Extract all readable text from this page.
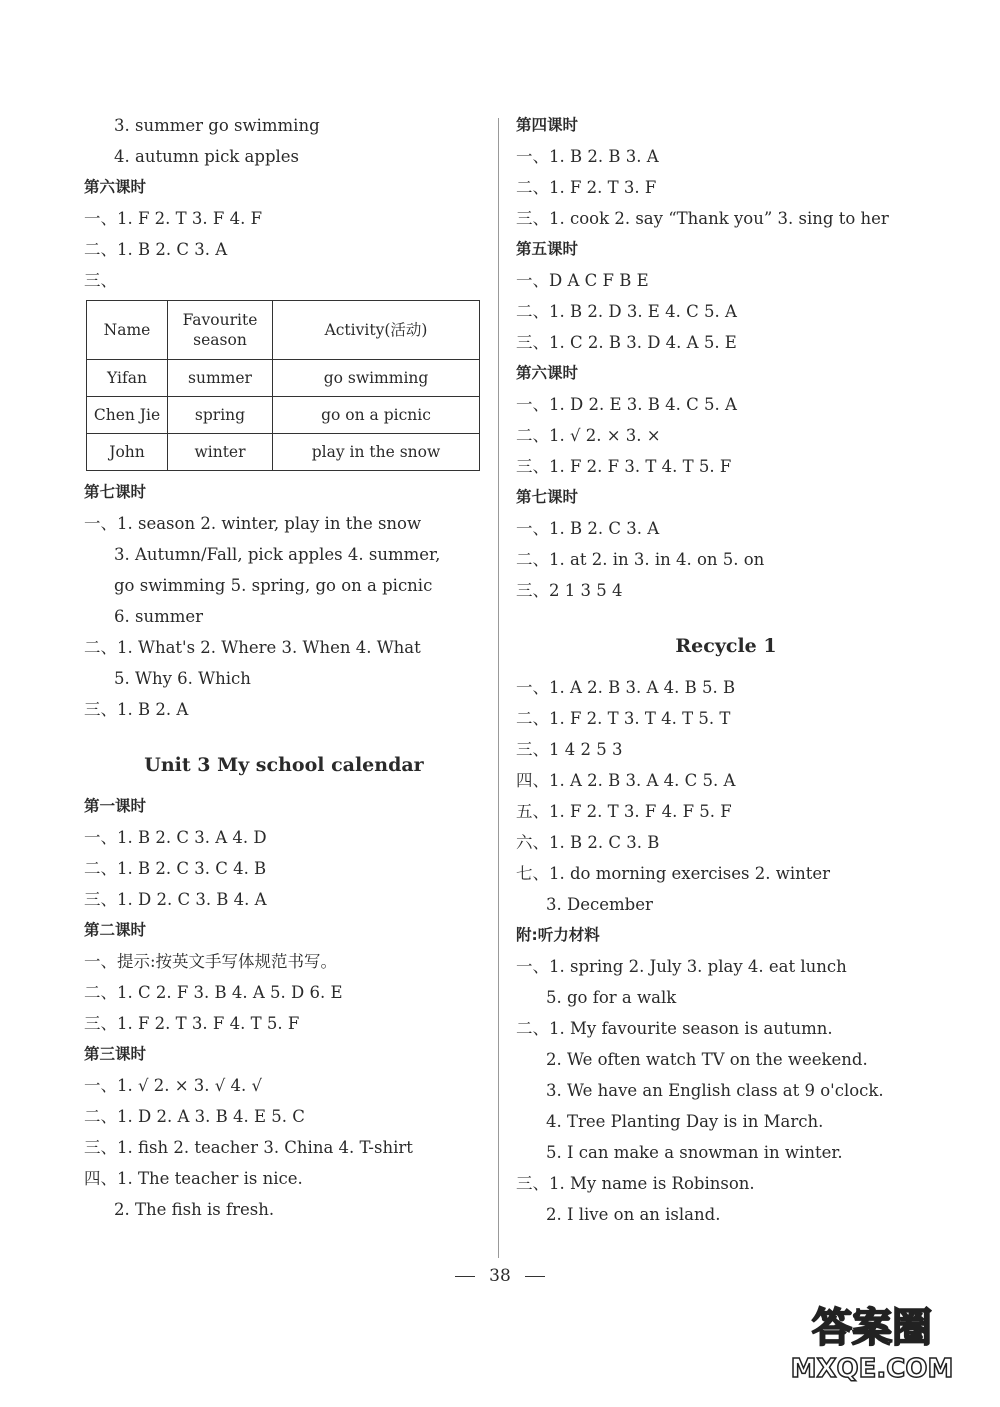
3. summer go swimming
4. autumn pick apples
第六课时
一、1. F 2. T 3. F 4. F
二、1. B 2. C 3. A
三、
Name	Favourite season	Activity(活动)
Yifan	summer	go swimming
Chen Jie	spring	go on a picnic
John	winter	play in the snow
第七课时
一、1. season 2. winter, play in the snow
3. Autumn/Fall, pick apples 4. summer,
go swimming 5. spring, go on a picnic
6. summer
二、1. What's 2. Where 3. When 4. What
5. Why 6. Which
三、1. B 2. A
Unit 3 My school calendar
第一课时
一、1. B 2. C 3. A 4. D
二、1. B 2. C 3. C 4. B
三、1. D 2. C 3. B 4. A
第二课时
一、提示:按英文手写体规范书写。
二、1. C 2. F 3. B 4. A 5. D 6. E
三、1. F 2. T 3. F 4. T 5. F
第三课时
一、1. √ 2. × 3. √ 4. √
二、1. D 2. A 3. B 4. E 5. C
三、1. fish 2. teacher 3. China 4. T-shirt
四、1. The teacher is nice.
2. The fish is fresh.
第四课时
一、1. B 2. B 3. A
二、1. F 2. T 3. F
三、1. cook 2. say “Thank you” 3. sing to her
第五课时
一、D A C F B E
二、1. B 2. D 3. E 4. C 5. A
三、1. C 2. B 3. D 4. A 5. E
第六课时
一、1. D 2. E 3. B 4. C 5. A
二、1. √ 2. × 3. ×
三、1. F 2. F 3. T 4. T 5. F
第七课时
一、1. B 2. C 3. A
二、1. at 2. in 3. in 4. on 5. on
三、2 1 3 5 4
Recycle 1
一、1. A 2. B 3. A 4. B 5. B
二、1. F 2. T 3. T 4. T 5. T
三、1 4 2 5 3
四、1. A 2. B 3. A 4. C 5. A
五、1. F 2. T 3. F 4. F 5. F
六、1. B 2. C 3. B
七、1. do morning exercises 2. winter
3. December
附:听力材料
一、1. spring 2. July 3. play 4. eat lunch
5. go for a walk
二、1. My favourite season is autumn.
2. We often watch TV on the weekend.
3. We have an English class at 9 o'clock.
4. Tree Planting Day is in March.
5. I can make a snowman in winter.
三、1. My name is Robinson.
2. I live on an island.
38
答案圈
MXQE.COM
